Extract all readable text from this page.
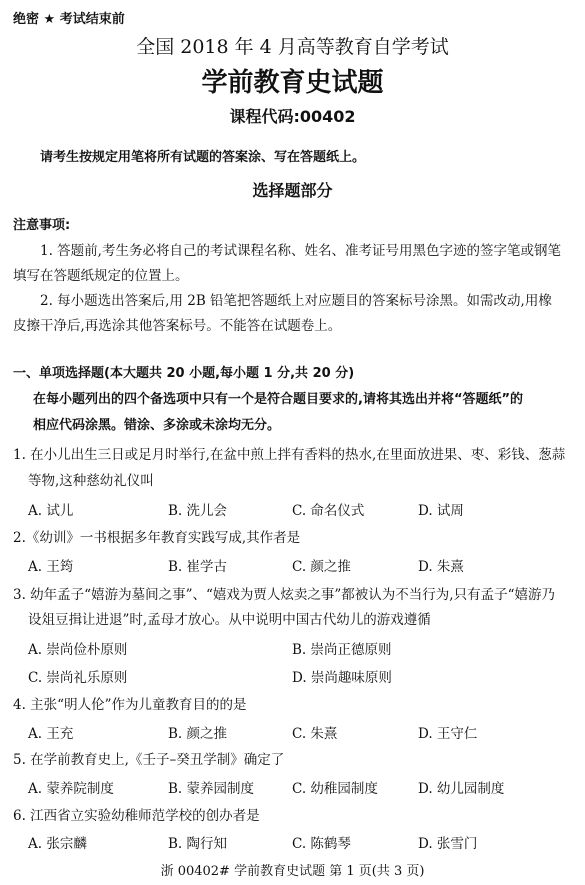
绝密 ★ 考试结束前
全国 2018 年 4 月高等教育自学考试
学前教育史试题
课程代码:00402
请考生按规定用笔将所有试题的答案涂、写在答题纸上。
选择题部分
注意事项:
1. 答题前,考生务必将自己的考试课程名称、姓名、准考证号用黑色字迹的签字笔或钢笔
填写在答题纸规定的位置上。
2. 每小题选出答案后,用 2B 铅笔把答题纸上对应题目的答案标号涂黑。如需改动,用橡
皮擦干净后,再选涂其他答案标号。不能答在试题卷上。
一、单项选择题(本大题共 20 小题,每小题 1 分,共 20 分)
在每小题列出的四个备选项中只有一个是符合题目要求的,请将其选出并将“答题纸”的
相应代码涂黑。错涂、多涂或未涂均无分。
1. 在小儿出生三日或足月时举行,在盆中煎上拌有香料的热水,在里面放进果、枣、彩钱、葱蒜
等物,这种慈幼礼仪叫
A. 试儿	B. 洗儿会	C. 命名仪式	D. 试周
2.《幼训》一书根据多年教育实践写成,其作者是
A. 王筠	B. 崔学古	C. 颜之推	D. 朱熹
3. 幼年孟子“嬉游为墓间之事”、“嬉戏为贾人炫卖之事”都被认为不当行为,只有孟子“嬉游乃
设俎豆揖让进退”时,孟母才放心。从中说明中国古代幼儿的游戏遵循
A. 崇尚俭朴原则	B. 崇尚正德原则
C. 崇尚礼乐原则	D. 崇尚趣味原则
4. 主张“明人伦”作为儿童教育目的的是
A. 王充	B. 颜之推	C. 朱熹	D. 王守仁
5. 在学前教育史上,《壬子–癸丑学制》确定了
A. 蒙养院制度	B. 蒙养园制度	C. 幼稚园制度	D. 幼儿园制度
6. 江西省立实验幼稚师范学校的创办者是
A. 张宗麟	B. 陶行知	C. 陈鹤琴	D. 张雪门
浙 00402# 学前教育史试题 第 1 页(共 3 页)
